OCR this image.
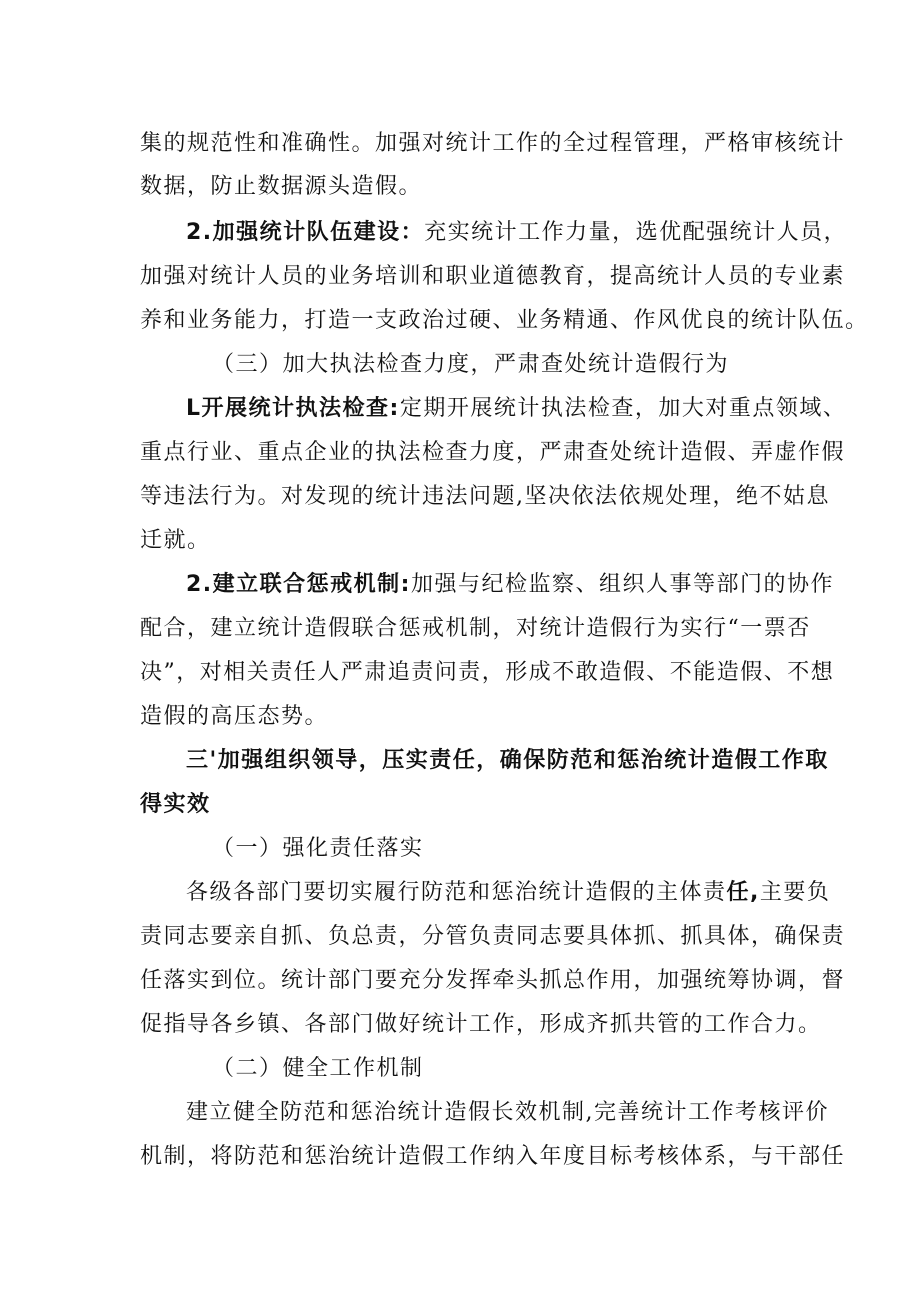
集的规范性和准确性。加强对统计工作的全过程管理，严格审核统计
数据，防止数据源头造假。
2.加强统计队伍建设：充实统计工作力量，选优配强统计人员，
加强对统计人员的业务培训和职业道德教育，提高统计人员的专业素
养和业务能力，打造一支政治过硬、业务精通、作风优良的统计队伍。
（三）加大执法检查力度，严肃查处统计造假行为
L开展统计执法检查:定期开展统计执法检查，加大对重点领域、
重点行业、重点企业的执法检查力度，严肃查处统计造假、弄虚作假
等违法行为。对发现的统计违法问题,坚决依法依规处理，绝不姑息
迁就。
2.建立联合惩戒机制:加强与纪检监察、组织人事等部门的协作
配合，建立统计造假联合惩戒机制，对统计造假行为实行“一票否
决”，对相关责任人严肃追责问责，形成不敢造假、不能造假、不想
造假的高压态势。
三'加强组织领导，压实责任，确保防范和惩治统计造假工作取
得实效
（一）强化责任落实
各级各部门要切实履行防范和惩治统计造假的主体责任,主要负
责同志要亲自抓、负总责，分管负责同志要具体抓、抓具体，确保责
任落实到位。统计部门要充分发挥牵头抓总作用，加强统筹协调，督
促指导各乡镇、各部门做好统计工作，形成齐抓共管的工作合力。
（二）健全工作机制
建立健全防范和惩治统计造假长效机制,完善统计工作考核评价
机制，将防范和惩治统计造假工作纳入年度目标考核体系，与干部任
